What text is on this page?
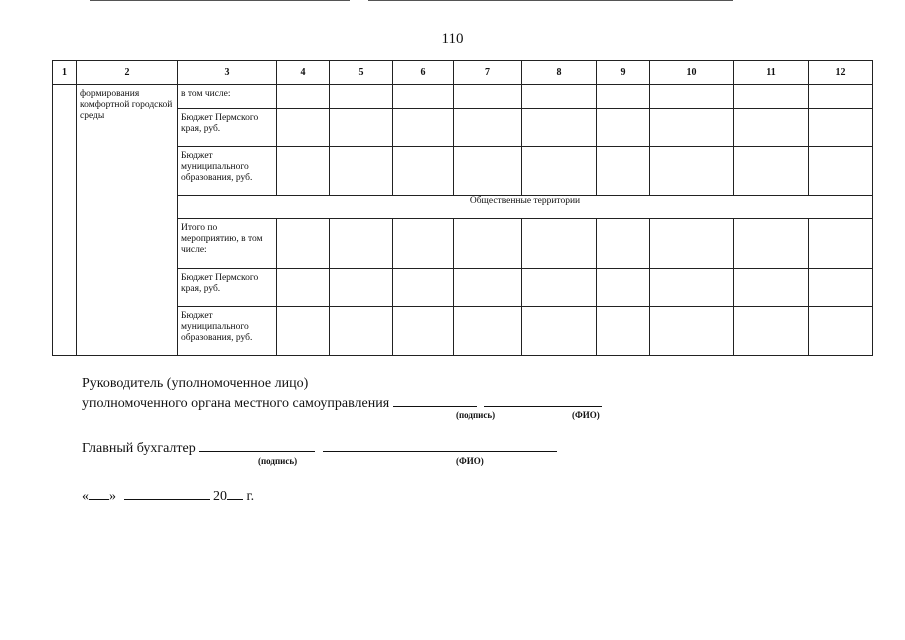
110
1	2	3	4	5	6	7	8	9	10	11	12

	формирования комфортной городской среды	в том числе:									

		Бюджет Пермского края, руб.									

		Бюджет муниципального образования, руб.									

		Общественные территории									

		Итого по мероприятию, в том числе:									

		Бюджет Пермского края, руб.									

		Бюджет муниципального образования, руб.									

Руководитель (уполномоченное лицо)
уполномоченного органа местного самоуправления
(подпись)	(ФИО)
Главный бухгалтер
(подпись)	(ФИО)
« »	20 г.
